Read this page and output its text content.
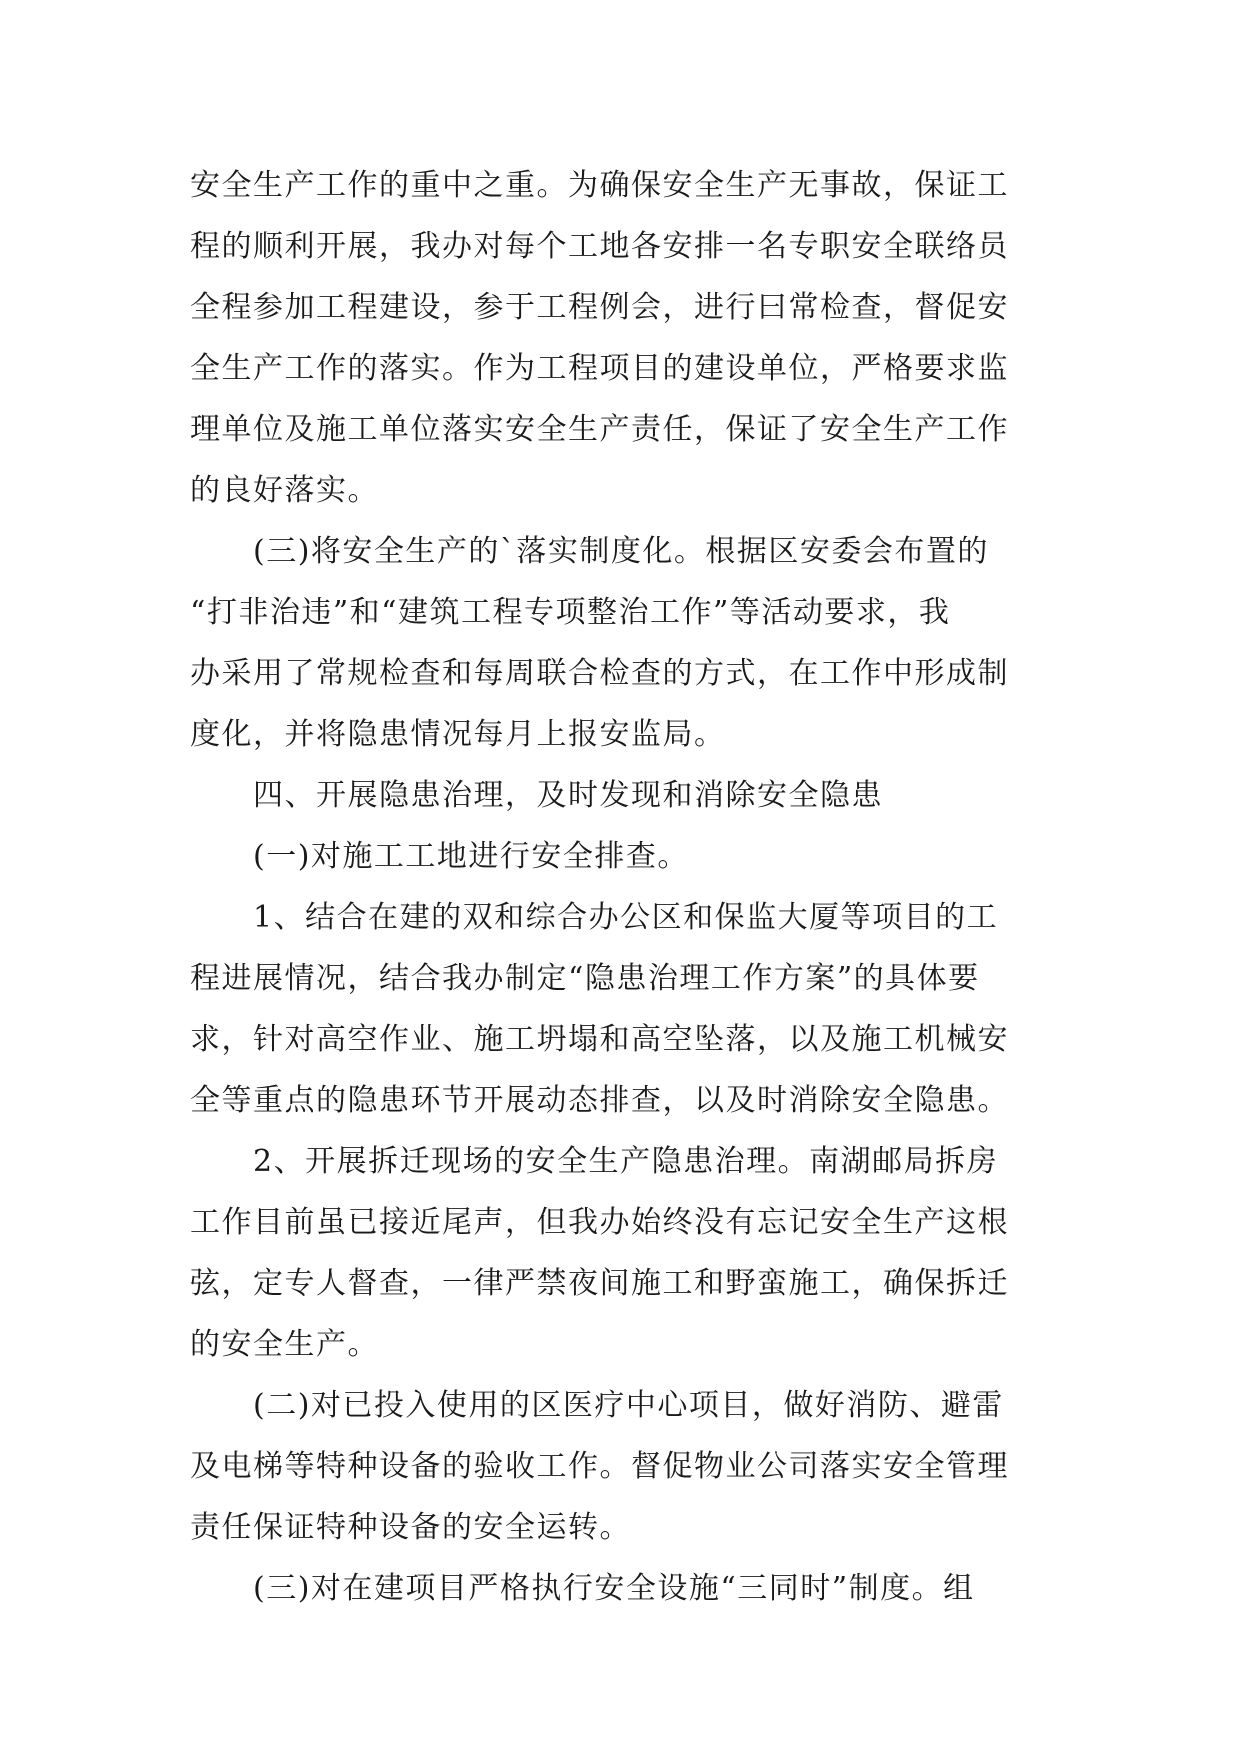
安全生产工作的重中之重。为确保安全生产无事故，保证工
程的顺利开展，我办对每个工地各安排一名专职安全联络员
全程参加工程建设，参于工程例会，进行曰常检查，督促安
全生产工作的落实。作为工程项目的建设单位，严格要求监
理单位及施工单位落实安全生产责任，保证了安全生产工作
的良好落实。
　　(三)将安全生产的`落实制度化。根据区安委会布置的
“打非治违”和“建筑工程专项整治工作”等活动要求，我
办采用了常规检查和每周联合检查的方式，在工作中形成制
度化，并将隐患情况每月上报安监局。
　　四、开展隐患治理，及时发现和消除安全隐患
　　(一)对施工工地进行安全排查。
　　1、结合在建的双和综合办公区和保监大厦等项目的工
程进展情况，结合我办制定“隐患治理工作方案”的具体要
求，针对高空作业、施工坍塌和高空坠落，以及施工机械安
全等重点的隐患环节开展动态排查，以及时消除安全隐患。
　　2、开展拆迁现场的安全生产隐患治理。南湖邮局拆房
工作目前虽已接近尾声，但我办始终没有忘记安全生产这根
弦，定专人督查，一律严禁夜间施工和野蛮施工，确保拆迁
的安全生产。
　　(二)对已投入使用的区医疗中心项目，做好消防、避雷
及电梯等特种设备的验收工作。督促物业公司落实安全管理
责任保证特种设备的安全运转。
　　(三)对在建项目严格执行安全设施“三同时”制度。组
